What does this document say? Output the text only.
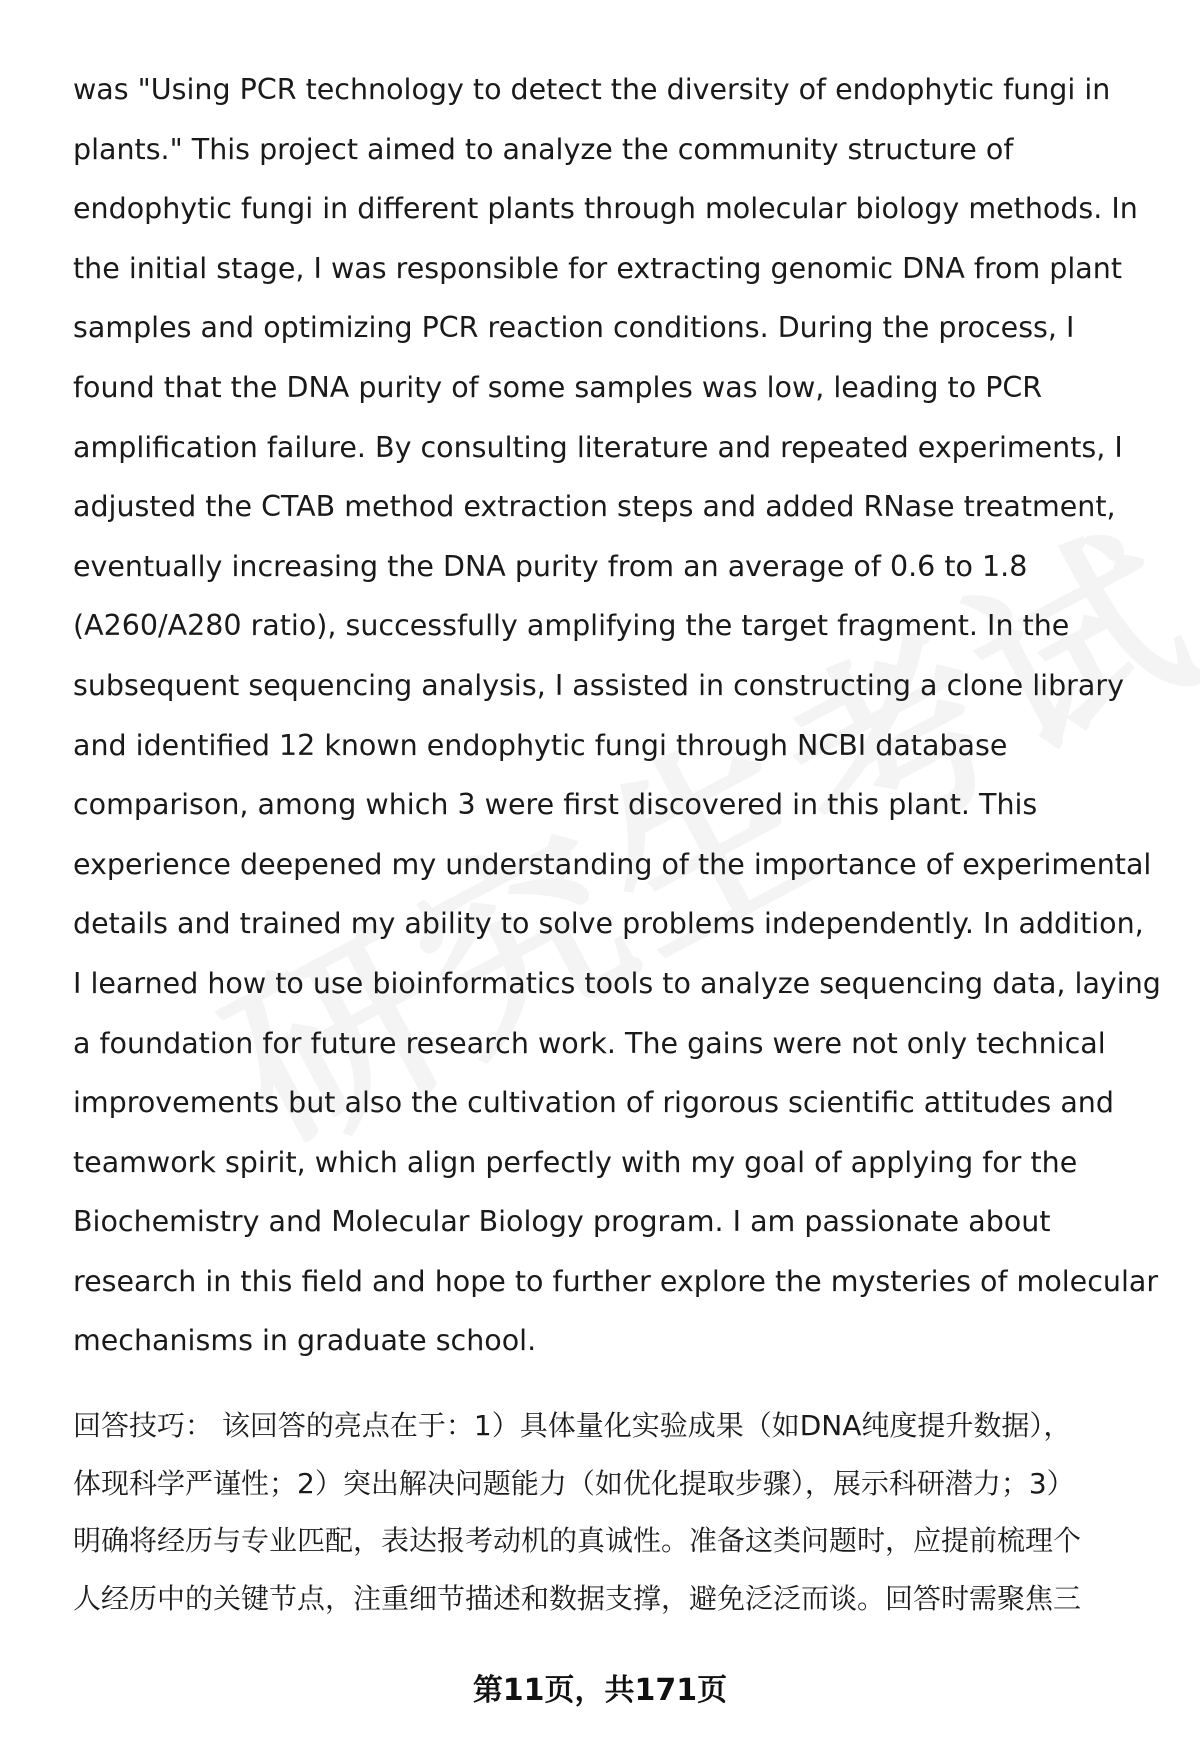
was "Using PCR technology to detect the diversity of endophytic fungi in

plants." This project aimed to analyze the community structure of

endophytic fungi in different plants through molecular biology methods. In

the initial stage, I was responsible for extracting genomic DNA from plant

samples and optimizing PCR reaction conditions. During the process, I

found that the DNA purity of some samples was low, leading to PCR

amplification failure. By consulting literature and repeated experiments, I

adjusted the CTAB method extraction steps and added RNase treatment,

eventually increasing the DNA purity from an average of 0.6 to 1.8

(A260/A280 ratio), successfully amplifying the target fragment. In the

subsequent sequencing analysis, I assisted in constructing a clone library

and identified 12 known endophytic fungi through NCBI database

comparison, among which 3 were first discovered in this plant. This

experience deepened my understanding of the importance of experimental

details and trained my ability to solve problems independently. In addition,

I learned how to use bioinformatics tools to analyze sequencing data, laying

a foundation for future research work. The gains were not only technical

improvements but also the cultivation of rigorous scientific attitudes and

teamwork spirit, which align perfectly with my goal of applying for the

Biochemistry and Molecular Biology program. I am passionate about

research in this field and hope to further explore the mysteries of molecular

mechanisms in graduate school.

回答技巧： 该回答的亮点在于：1）具体量化实验成果（如DNA纯度提升数据），

体现科学严谨性；2）突出解决问题能力（如优化提取步骤），展示科研潜力；3）

明确将经历与专业匹配，表达报考动机的真诚性。准备这类问题时，应提前梳理个

人经历中的关键节点，注重细节描述和数据支撑，避免泛泛而谈。回答时需聚焦三

第11页，共171页
